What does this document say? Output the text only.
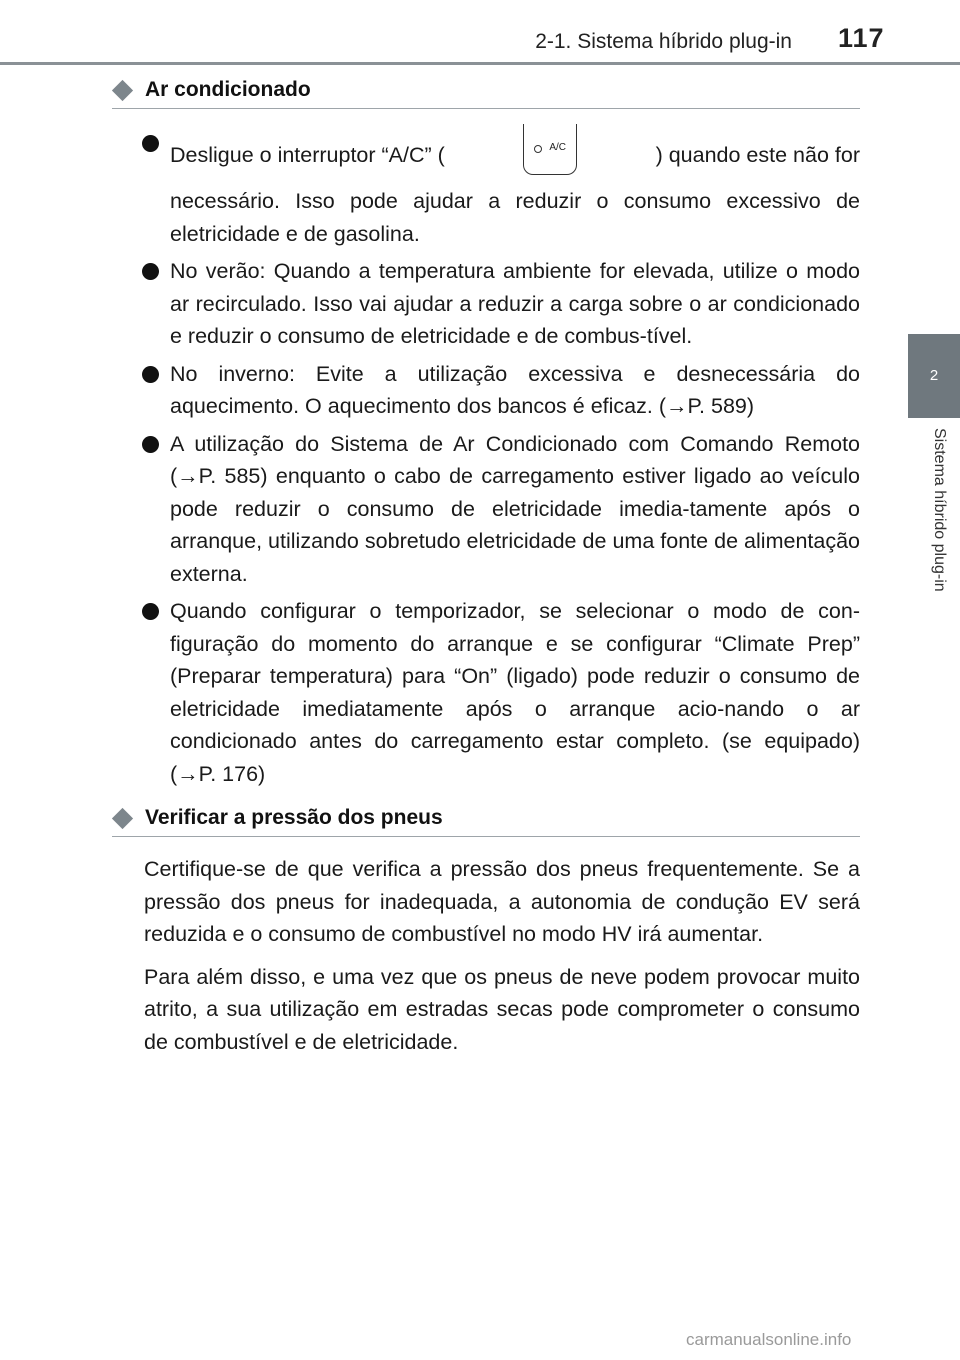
2-1. Sistema híbrido plug-in 117
2
Sistema híbrido plug-in
Ar condicionado
Desligue o interruptor “A/C” (	A/C	) quando este não for
necessário. Isso pode ajudar a reduzir o consumo excessivo de eletricidade e de gasolina.
No verão: Quando a temperatura ambiente for elevada, utilize o modo ar recirculado. Isso vai ajudar a reduzir a carga sobre o ar condicionado e reduzir o consumo de eletricidade e de combus-tível.
No inverno: Evite a utilização excessiva e desnecessária do aquecimento. O aquecimento dos bancos é eficaz. (→P. 589)
A utilização do Sistema de Ar Condicionado com Comando Remoto (→P. 585) enquanto o cabo de carregamento estiver ligado ao veículo pode reduzir o consumo de eletricidade imedia-tamente após o arranque, utilizando sobretudo eletricidade de uma fonte de alimentação externa.
Quando configurar o temporizador, se selecionar o modo de con-figuração do momento do arranque e se configurar “Climate Prep” (Preparar temperatura) para “On” (ligado) pode reduzir o consumo de eletricidade imediatamente após o arranque acio-nando o ar condicionado antes do carregamento estar completo. (se equipado) (→P. 176)
Verificar a pressão dos pneus

Certifique-se de que verifica a pressão dos pneus frequentemente. Se a pressão dos pneus for inadequada, a autonomia de condução EV será reduzida e o consumo de combustível no modo HV irá aumentar.

Para além disso, e uma vez que os pneus de neve podem provocar muito atrito, a sua utilização em estradas secas pode comprometer o consumo de combustível e de eletricidade.

carmanualsonline.info
